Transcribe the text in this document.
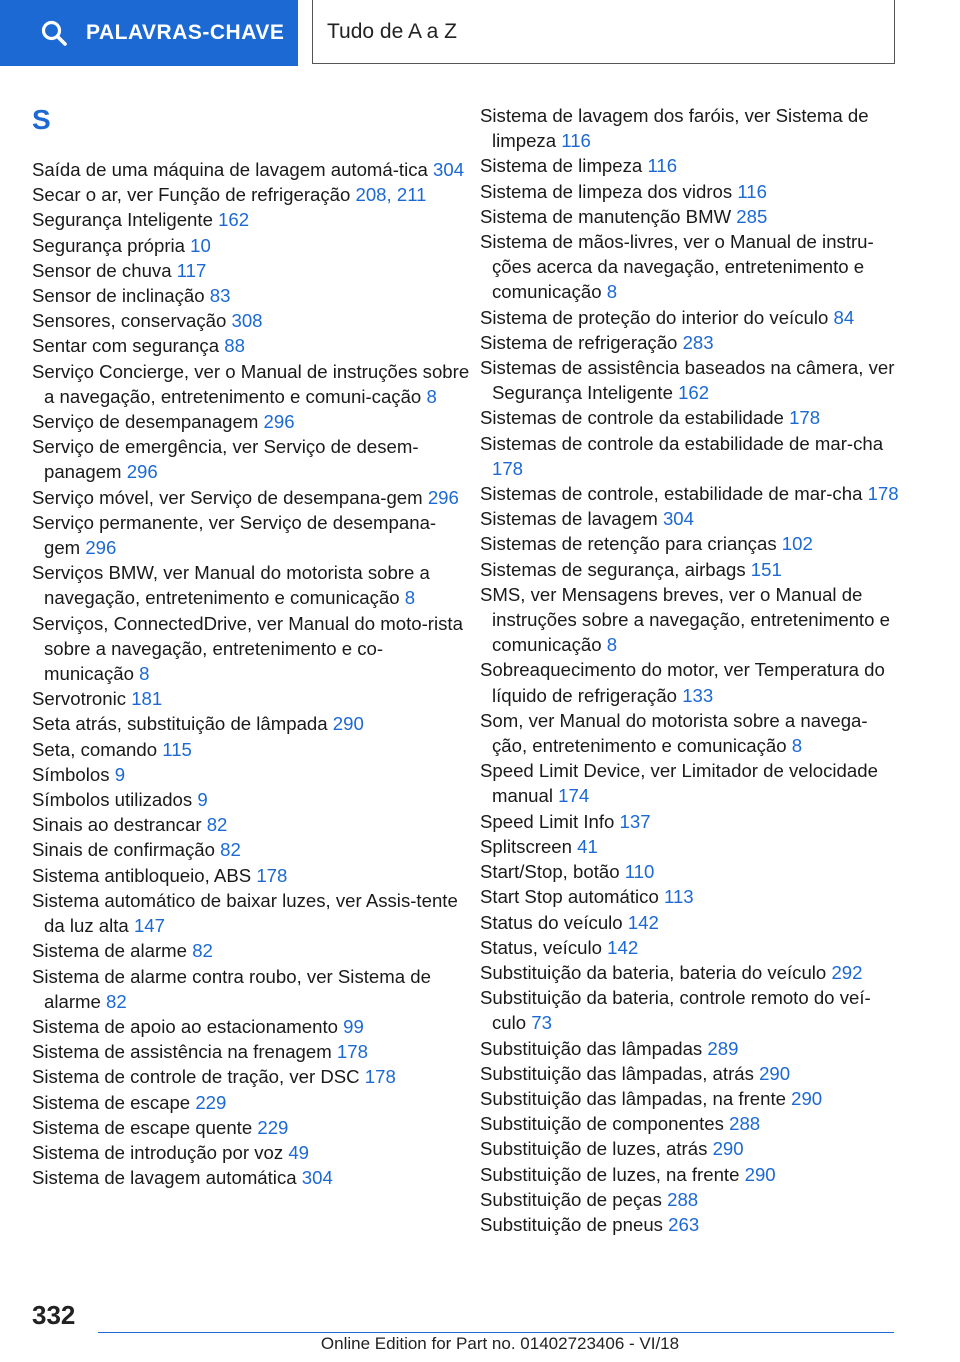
PALAVRAS-CHAVE Tudo de A a Z
S
Saída de uma máquina de lavagem automá-tica 304
Secar o ar, ver Função de refrigeração 208, 211
Segurança Inteligente 162
Segurança própria 10
Sensor de chuva 117
Sensor de inclinação 83
Sensores, conservação 308
Sentar com segurança 88
Serviço Concierge, ver o Manual de instruções sobre a navegação, entretenimento e comuni-cação 8
Serviço de desempanagem 296
Serviço de emergência, ver Serviço de desem-panagem 296
Serviço móvel, ver Serviço de desempana-gem 296
Serviço permanente, ver Serviço de desempana-gem 296
Serviços BMW, ver Manual do motorista sobre a navegação, entretenimento e comunicação 8
Serviços, ConnectedDrive, ver Manual do moto-rista sobre a navegação, entretenimento e co-municação 8
Servotronic 181
Seta atrás, substituição de lâmpada 290
Seta, comando 115
Símbolos 9
Símbolos utilizados 9
Sinais ao destrancar 82
Sinais de confirmação 82
Sistema antibloqueio, ABS 178
Sistema automático de baixar luzes, ver Assis-tente da luz alta 147
Sistema de alarme 82
Sistema de alarme contra roubo, ver Sistema de alarme 82
Sistema de apoio ao estacionamento 99
Sistema de assistência na frenagem 178
Sistema de controle de tração, ver DSC 178
Sistema de escape 229
Sistema de escape quente 229
Sistema de introdução por voz 49
Sistema de lavagem automática 304
Sistema de lavagem dos faróis, ver Sistema de limpeza 116
Sistema de limpeza 116
Sistema de limpeza dos vidros 116
Sistema de manutenção BMW 285
Sistema de mãos-livres, ver o Manual de instru-ções acerca da navegação, entretenimento e comunicação 8
Sistema de proteção do interior do veículo 84
Sistema de refrigeração 283
Sistemas de assistência baseados na câmera, ver Segurança Inteligente 162
Sistemas de controle da estabilidade 178
Sistemas de controle da estabilidade de mar-cha 178
Sistemas de controle, estabilidade de mar-cha 178
Sistemas de lavagem 304
Sistemas de retenção para crianças 102
Sistemas de segurança, airbags 151
SMS, ver Mensagens breves, ver o Manual de instruções sobre a navegação, entretenimento e comunicação 8
Sobreaquecimento do motor, ver Temperatura do líquido de refrigeração 133
Som, ver Manual do motorista sobre a navega-ção, entretenimento e comunicação 8
Speed Limit Device, ver Limitador de velocidade manual 174
Speed Limit Info 137
Splitscreen 41
Start/Stop, botão 110
Start Stop automático 113
Status do veículo 142
Status, veículo 142
Substituição da bateria, bateria do veículo 292
Substituição da bateria, controle remoto do veí-culo 73
Substituição das lâmpadas 289
Substituição das lâmpadas, atrás 290
Substituição das lâmpadas, na frente 290
Substituição de componentes 288
Substituição de luzes, atrás 290
Substituição de luzes, na frente 290
Substituição de peças 288
Substituição de pneus 263
332
Online Edition for Part no. 01402723406 - VI/18
